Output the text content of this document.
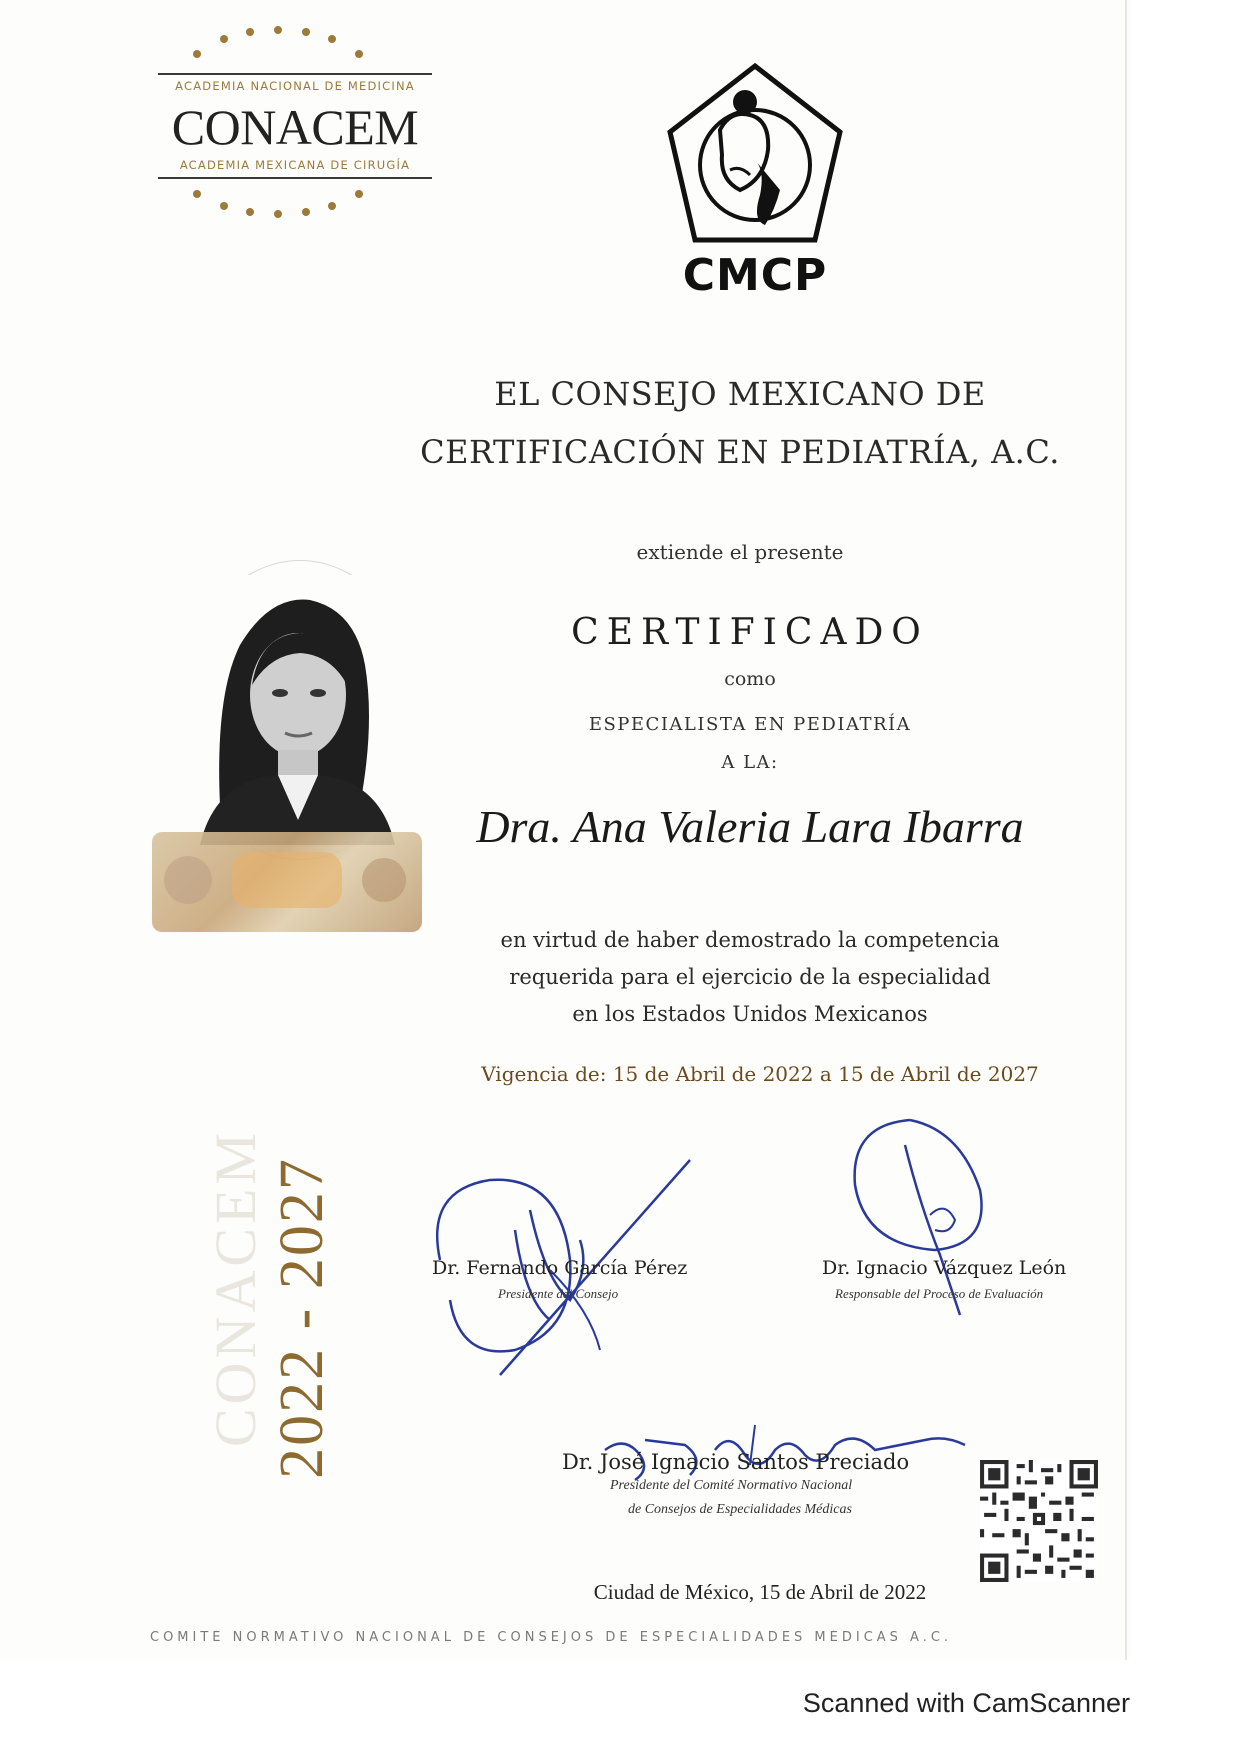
ACADEMIA NACIONAL DE MEDICINA
CONACEM
ACADEMIA MEXICANA DE CIRUGÍA
CMCP
EL CONSEJO MEXICANO DE
CERTIFICACIÓN EN PEDIATRÍA, A.C.
extiende el presente
CERTIFICADO
como
ESPECIALISTA EN PEDIATRÍA
A LA:
Dra. Ana Valeria Lara Ibarra
en virtud de haber demostrado la competencia
requerida para el ejercicio de la especialidad
en los Estados Unidos Mexicanos
Vigencia de: 15 de Abril de 2022 a 15 de Abril de 2027
CONACEM 2022 - 2027	Dr. Fernando García Pérez
Presidente del Consejo
Dr. Ignacio Vázquez León
Responsable del Proceso de Evaluación
Dr. José Ignacio Santos Preciado
Presidente del Comité Normativo Nacional
de Consejos de Especialidades Médicas
Ciudad de México, 15 de Abril de 2022
COMITÉ NORMATIVO NACIONAL DE CONSEJOS DE ESPECIALIDADES MÉDICAS A.C.
Scanned with CamScanner
